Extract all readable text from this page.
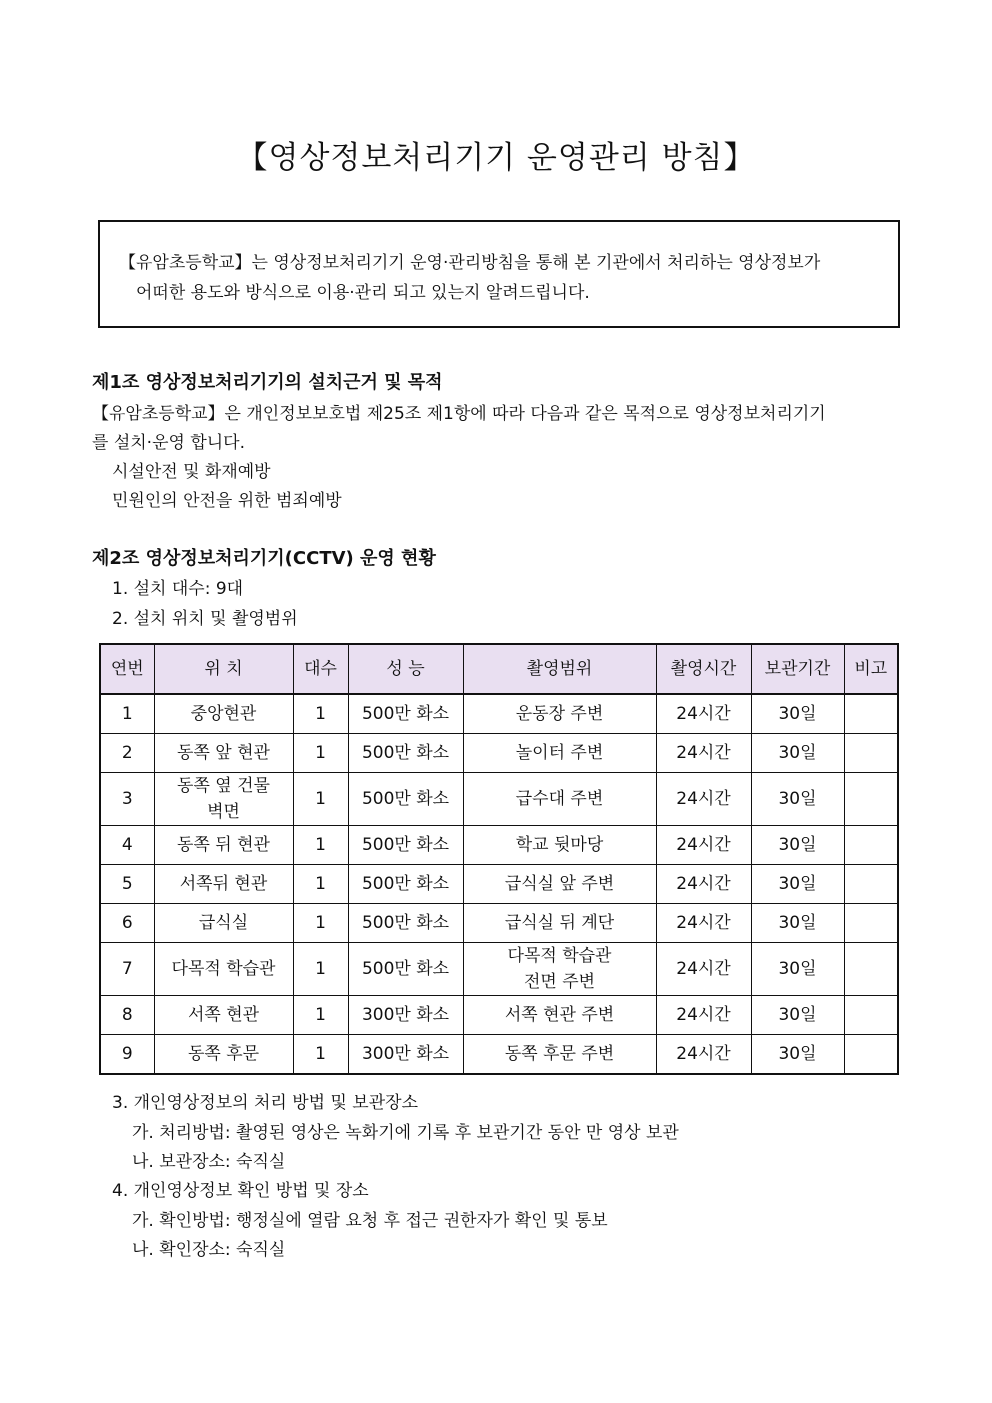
【영상정보처리기기 운영관리 방침】
【유암초등학교】는 영상정보처리기기 운영·관리방침을 통해 본 기관에서 처리하는 영상정보가
어떠한 용도와 방식으로 이용·관리 되고 있는지 알려드립니다.
제1조 영상정보처리기기의 설치근거 및 목적
【유암초등학교】은 개인정보보호법 제25조 제1항에 따라 다음과 같은 목적으로 영상정보처리기기
를 설치·운영 합니다.
시설안전 및 화재예방
민원인의 안전을 위한 범죄예방
제2조 영상정보처리기기(CCTV) 운영 현황
1. 설치 대수: 9대
2. 설치 위치 및 촬영범위
연번	위 치	대수	성 능	촬영범위	촬영시간	보관기간	비고
1	중앙현관	1	500만 화소	운동장 주변	24시간	30일	
2	동쪽 앞 현관	1	500만 화소	놀이터 주변	24시간	30일	
3	동쪽 옆 건물
벽면	1	500만 화소	급수대 주변	24시간	30일	
4	동쪽 뒤 현관	1	500만 화소	학교 뒷마당	24시간	30일	
5	서쪽뒤 현관	1	500만 화소	급식실 앞 주변	24시간	30일	
6	급식실	1	500만 화소	급식실 뒤 계단	24시간	30일	
7	다목적 학습관	1	500만 화소	다목적 학습관
전면 주변	24시간	30일	
8	서쪽 현관	1	300만 화소	서쪽 현관 주변	24시간	30일	
9	동쪽 후문	1	300만 화소	동쪽 후문 주변	24시간	30일	
3. 개인영상정보의 처리 방법 및 보관장소
가. 처리방법: 촬영된 영상은 녹화기에 기록 후 보관기간 동안 만 영상 보관
나. 보관장소: 숙직실
4. 개인영상정보 확인 방법 및 장소
가. 확인방법: 행정실에 열람 요청 후 접근 권한자가 확인 및 통보
나. 확인장소: 숙직실
